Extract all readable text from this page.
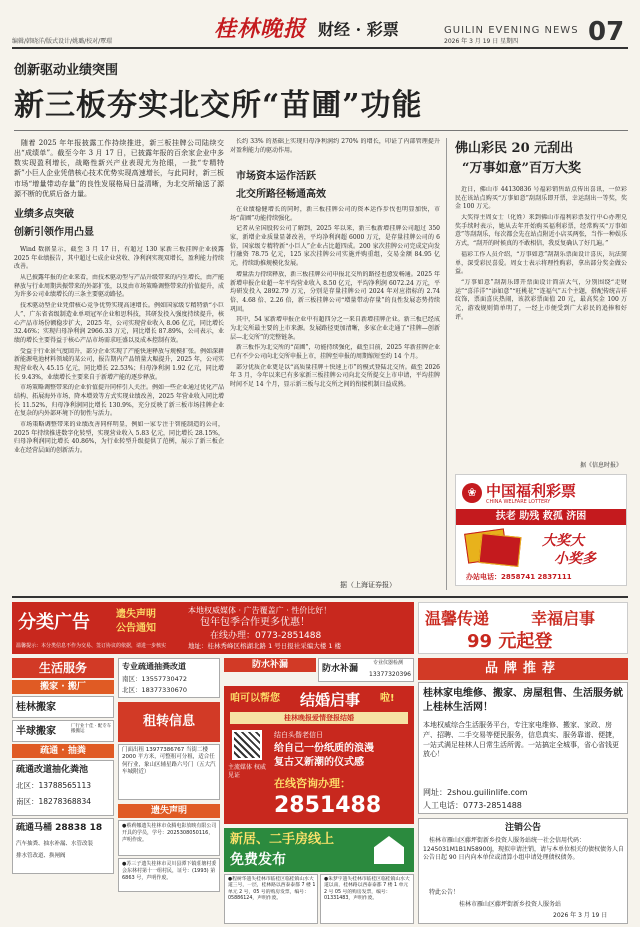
编辑/韩晓洋/版式设计/姚璐/校对/覃璟	桂林晚报 财经 · 彩票	GUILIN EVENING NEWS
2026 年 3 月 19 日 星期四	07
创新驱动业绩突围
新三板夯实北交所“苗圃”功能

随着 2025 年年报披露工作持续推进，新三板挂牌公司陆续交出“成绩单”。截至今年 3 月 17 日，已披露年报的百余家企业中多数实现盈利增长，战略性新兴产业表现尤为抢眼，一批“专精特新”小巨人企业凭借核心技术优势实现高速增长，与此同时，新三板市场“增量带动存量”的良性发展格局日益清晰，为北交所输送了源源不断的优质后备力量。

业绩多点突破
创新引领作用凸显

Wind 数据显示，截至 3 月 17 日，有超过 130 家新三板挂牌企业披露 2025 年业绩报告，其中超过七成企业营收、净利润实现双增长，盈利能力持续改善。

从已披露年报的企业来看，由技术驱动型与产品升级带来的内生增长，由产能释放与行业周期共振带来的外部扩张，以及由市场策略调整带来的价值提升，成为许多公司业绩增长的三条主要驱动路径。

技术驱动型企业凭借核心竞争优势实现高速增长。例如国家级专精特新“小巨人”、广东省省级制造业单项冠军企业和思科技，其研发投入强度持续提升，核心产品市场份额稳步扩大，2025 年，公司实现营业收入 8.06 亿元，同比增长 32.46%；实现归母净利润 2966.33 万元，同比增长 87.89%，公司表示，业绩的增长主要得益于核心产品市场需求旺盛以及成本控制有效。

受益于行业景气度回升，部分企业实现了产能快速释放与规模扩张。例如深耕新能源电池材料领域的某公司，报告期内产品销量大幅提升，2025 年，公司实现营业收入 45.15 亿元，同比增长 22.53%；归母净利润 1.92 亿元，同比增长 9.43%，业绩增长主要来自于新增产能的逐步释放。

市场策略调整带来的企业价值提升同样引人关注。例如一些企业通过优化产品结构、拓展海外市场、降本增效等方式实现业绩改善，2025 年营业收入同比增长 11.52%，归母净利润同比增长 130.9%，充分反映了新三板市场挂牌企业在复杂的内外部环境下的韧性与活力。

市场策略调整带来的业绩改善同样明显，例如一家专注于智能制造的公司，2025 年持续推进数字化转型，实现营业收入 5.83 亿元，同比增长 28.15%，归母净利润同比增长 40.86%，为行业转型升级提供了范例，展示了新三板企业在经营层面的创新活力。

长约 33% 的基础上实现归母净利润约 270% 的增长，印证了内部管理提升对盈利能力的驱动作用。

市场资本运作活跃
北交所路径畅通高效

在业绩稳健增长的同时，新三板挂牌公司的资本运作步伐也明显加快，市场“苗圃”功能持续强化。

记者从全国股转公司了解到，2025 年以来，新三板新增挂牌公司超过 350 家，新增企业质量显著改善，平均净利润超 6000 万元，是存量挂牌公司的 6 倍，国家级专精特新“小巨人”企业占比超四成。200 家次挂牌公司完成定向发行融资 78.75 亿元，125 家次挂牌公司实施并购重组，交易金额 84.95 亿元，持续助推规模化发展。

增量活力持续释放，新三板挂牌公司申报北交所的路径也愈发畅通。2025 年新增申报企业超一年平均营业收入 8.50 亿元，平均净利润 6072.24 万元，平均研发投入 2892.79 万元，分别是存量挂牌公司 2024 年对应指标的 2.74 倍、4.68 倍、2.26 倍，新三板挂牌公司“增量带动存量”的良性发展态势持续巩固。

其中，54 家新增申报企业中有超四分之一来自新增挂牌企业。新三板已经成为北交所最主要的上市来源。发展路径更加清晰，多家企业走通了“挂牌—创新层—北交所”的完整链条。

新三板作为北交所的“苗圃”，功能持续强化，截至目前，2025 年新挂牌企业已有不少公司向北交所申报上市，挂牌至申报的周期缩短至约 14 个月。

部分优质企业更是以“高质量挂牌＋快速上市”的模式登陆北交所。截至 2026 年 3 月，今年以来已有多家新三板挂牌公司向北交所提交上市申请，平均挂牌时间不足 14 个月，显示新三板与北交所之间的衔接机制日益成熟。

据（上海证券报）
佛山彩民 20 元刮出
“万事如意”百万大奖

近日，佛山市 44130836 号福彩销售站点传出喜讯，一位彩民在该站点购买“万事如意”刮刮乐即开票，幸运刮出一等奖，奖金 100 万元。

大奖得主周女士（化姓）来到佛山市福利彩票发行中心办理兑奖手续时表示，她从去年开始购买福利彩票，经常购买“万事如意”等刮刮乐，每次都会先在站点附近小店买两张，当作一种娱乐方式，“刮开的时候真的不敢相信，我反复确认了好几遍。”

福彩工作人员介绍，“万事如意”刮刮乐票面设计喜庆，玩法简单，深受彩民喜爱。周女士表示将理性购彩，拿出部分奖金做公益。

“万事如意”刮刮乐即开票面设计简洁大气，分别围绕“走财运”“喜洋洋”“添如意”“旺桃花”“连福气”五个主题，搭配传统吉祥纹饰，票面喜庆热闹，该款彩票面值 20 元，最高奖金 100 万元，游戏规则简单明了，一经上市便受到广大彩民的追捧和好评。

据《信息时报》
❀ 中国福利彩票
CHINA WELFARE LOTTERY
扶老 助残 救孤 济困
大奖大
小奖多
办站电话：2858741 2837111
分类广告	遗失声明
公告通知
本地权威媒体 · 广告覆盖广 · 性价比好！
包年包季合作更多优惠！
在线办理：0773-2851488
地址：桂林秀峰区榕湖北路 1 号日报社采编大楼 1 楼
温馨提示：本分类信息不作为交易、签订协议的依据，请进一步核实
温馨传递	幸福启事
99 元起登
生活服务
搬家 · 搬厂
桂林搬家
半球搬家	厂行业十佳 · 配专车搬搬运
疏通 · 抽粪
疏通改道抽化粪池
北区：13788565113
南区：18278368834
疏通马桶 28838 18
汽车抽粪、抽水补漏、水管改装
排水管改道、换闸阀
专业疏通抽粪改道
南区：13557730472
北区：18377330670
租转信息
门面出租 13977386767 当街二楼 2000 平方米，可整租可分租，适合任何行业，象山区辅星路六号门（五大汽车城附近）
遗失声明
●蔡莉娜遗失桂林市众腾电影放映有限公司开具的学员，学号：2025308050116，声明作废。
●苏三子遗失桂林市灵川县潭下镇莊塘村委会东林村第十一组村民，证号：(1993) 第 6863 号，声明作废。
防水补漏	防水补漏
专业仪器检测
13377320396
咱可以帮您 结婚启事 啦!
桂林晚报爱情登报结婚
主流媒体 权威见证
结白头偕老信日
给自己一份纸质的浪漫
复古又新潮的仪式感
在线咨询办理：
2851488
新居、二手房线上
免费发布
●程树华遗失桂林市临桂区临桂镇山水大道三号，一层，桂林路以西泰泰都 7 楼 1 单元 2 号，05 号的购房发票，编号：05886124，声明作废。
●朱梦宇遗失桂林市临桂区临桂镇山水大道以南，桂林路以西泰泰都 7 楼 1 单元 2 号 05 号的购房发票，编号：01331483，声明作废。
品牌推荐
桂林家电维修、搬家、房屋租售、生活服务就上桂林生活网！
本地权威综合生活服务平台，专注家电维修、搬家、家政、房产、招聘、二手交易等便民服务，信息真实、服务靠谱、便捷，一站式满足桂林人日常生活所需。一站搞定全城事，省心省钱更放心！
网址：2shou.guilinlife.com
人工电话：0773-2851488
注销公告
桂林市雁山区藤坪街新乡投资人服务站统一社会信用代码：1245031M1B1N58900J，现拟申请注销，请与本单位相关的债权债务人自公告日起 90 日内向本单位或清算小组申请处理债权债务。
特此公告！
桂林市雁山区藤坪街新乡投资人服务站
2026 年 3 月 19 日
